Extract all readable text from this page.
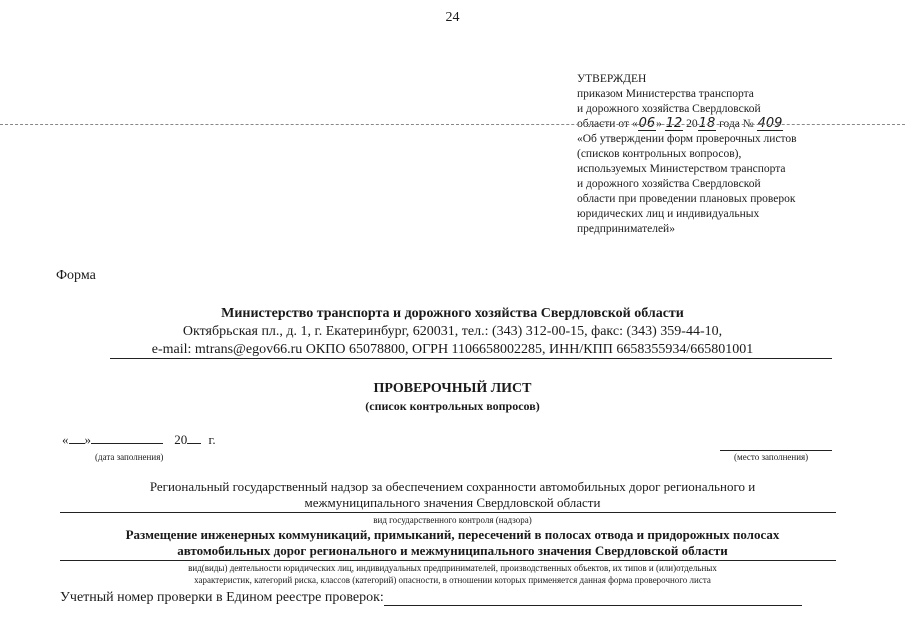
24
УТВЕРЖДЕН
приказом Министерства транспорта
и дорожного хозяйства Свердловской
области от «06» 12 2018 года № 409
«Об утверждении форм проверочных листов
(списков контрольных вопросов),
используемых Министерством транспорта
и дорожного хозяйства Свердловской
области при проведении плановых проверок
юридических лиц и индивидуальных
предпринимателей»
Форма
Министерство транспорта и дорожного хозяйства Свердловской области
Октябрьская пл., д. 1, г. Екатеринбург, 620031, тел.: (343) 312-00-15, факс: (343) 359-44-10,
e-mail: mtrans@egov66.ru ОКПО 65078800, ОГРН 1106658002285, ИНН/КПП 6658355934/665801001
ПРОВЕРОЧНЫЙ ЛИСТ
(список контрольных вопросов)
« »	20 г.
(дата заполнения)	(место заполнения)
Региональный государственный надзор за обеспечением сохранности автомобильных дорог регионального и
межмуниципального значения Свердловской области
вид государственного контроля (надзора)
Размещение инженерных коммуникаций, примыканий, пересечений в полосах отвода и придорожных полосах
автомобильных дорог регионального и межмуниципального значения Свердловской области
вид(виды) деятельности юридических лиц, индивидуальных предпринимателей, производственных объектов, их типов и (или)отдельных
характеристик, категорий риска, классов (категорий) опасности, в отношении которых применяется данная форма проверочного листа
Учетный номер проверки в Едином реестре проверок:
